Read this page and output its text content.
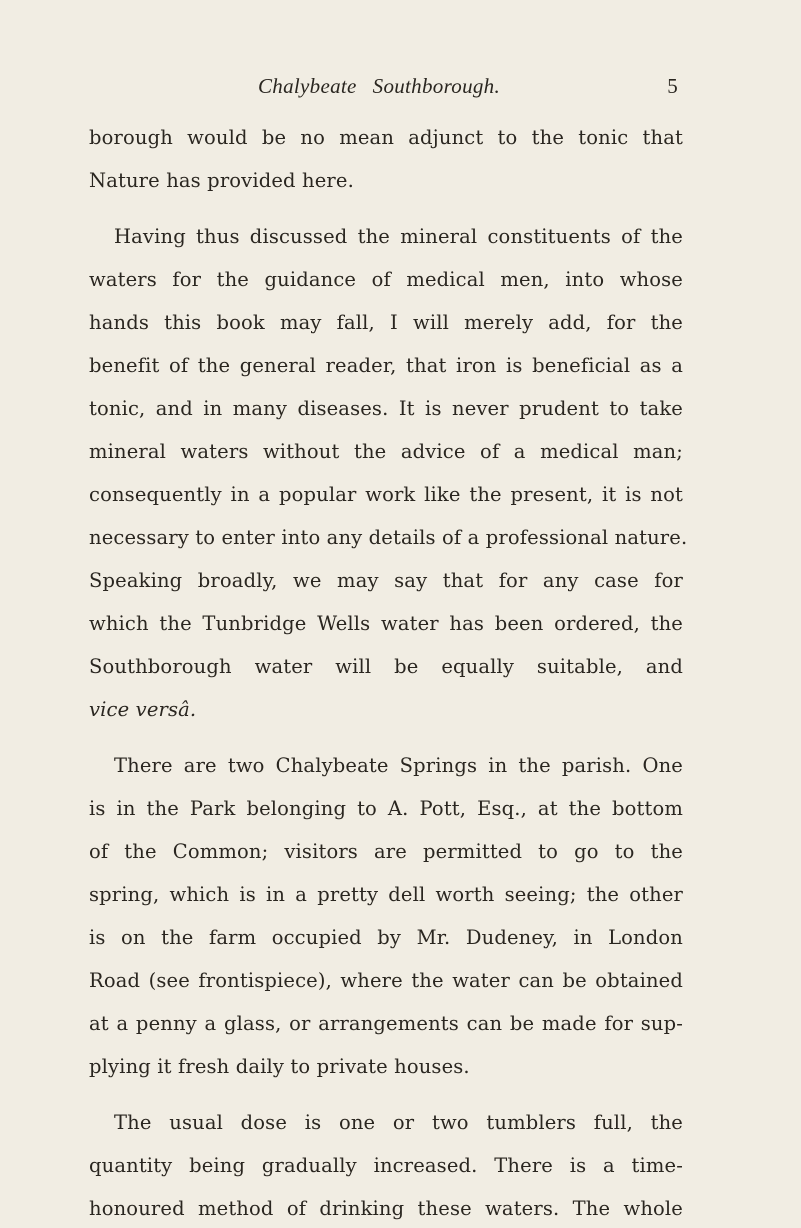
Chalybeate Southborough.	5
borough would be no mean adjunct to the tonic that
Nature has provided here.
Having thus discussed the mineral constituents of the
waters for the guidance of medical men, into whose
hands this book may fall, I will merely add, for the
benefit of the general reader, that iron is beneficial as a
tonic, and in many diseases. It is never prudent to take
mineral waters without the advice of a medical man;
consequently in a popular work like the present, it is not
necessary to enter into any details of a professional nature.
Speaking broadly, we may say that for any case for
which the Tunbridge Wells water has been ordered, the
Southborough water will be equally suitable, and
vice versâ.
There are two Chalybeate Springs in the parish. One
is in the Park belonging to A. Pott, Esq., at the bottom
of the Common; visitors are permitted to go to the
spring, which is in a pretty dell worth seeing; the other
is on the farm occupied by Mr. Dudeney, in London
Road (see frontispiece), where the water can be obtained
at a penny a glass, or arrangements can be made for sup-
plying it fresh daily to private houses.
The usual dose is one or two tumblers full, the
quantity being gradually increased. There is a time-
honoured method of drinking these waters. The whole
